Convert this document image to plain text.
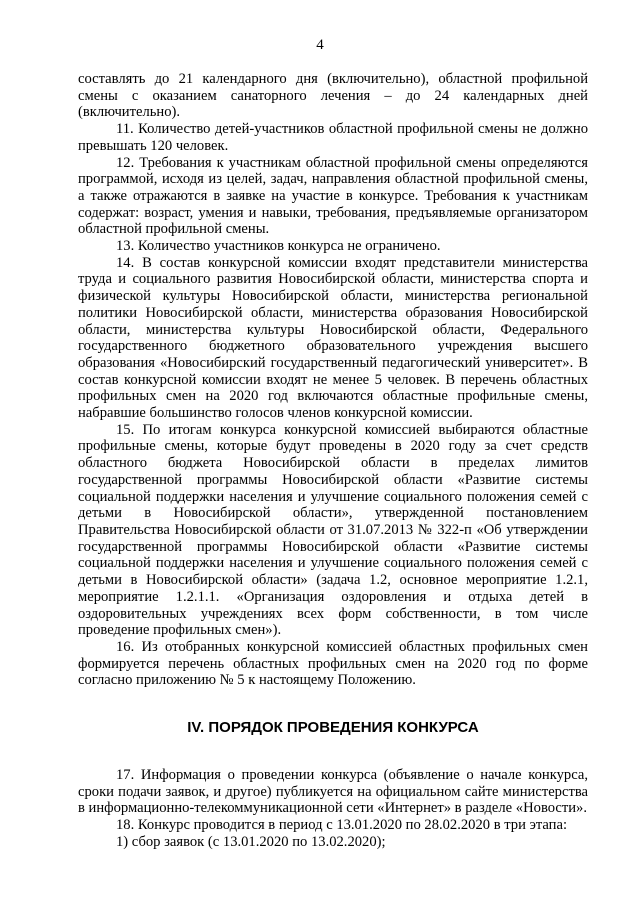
4

составлять до 21 календарного дня (включительно), областной профильной смены с оказанием санаторного лечения – до 24 календарных дней (включительно).

11. Количество детей-участников областной профильной смены не должно превышать 120 человек.

12. Требования к участникам областной профильной смены определяются программой, исходя из целей, задач, направления областной профильной смены, а также отражаются в заявке на участие в конкурсе. Требования к участникам содержат: возраст, умения и навыки, требования, предъявляемые организатором областной профильной смены.

13. Количество участников конкурса не ограничено.

14. В состав конкурсной комиссии входят представители министерства труда и социального развития Новосибирской области, министерства спорта и физической культуры Новосибирской области, министерства региональной политики Новосибирской области, министерства образования Новосибирской области, министерства культуры Новосибирской области, Федерального государственного бюджетного образовательного учреждения высшего образования «Новосибирский государственный педагогический университет». В состав конкурсной комиссии входят не менее 5 человек. В перечень областных профильных смен на 2020 год включаются областные профильные смены, набравшие большинство голосов членов конкурсной комиссии.

15. По итогам конкурса конкурсной комиссией выбираются областные профильные смены, которые будут проведены в 2020 году за счет средств областного бюджета Новосибирской области в пределах лимитов государственной программы Новосибирской области «Развитие системы социальной поддержки населения и улучшение социального положения семей с детьми в Новосибирской области», утвержденной постановлением Правительства Новосибирской области от 31.07.2013 № 322-п «Об утверждении государственной программы Новосибирской области «Развитие системы социальной поддержки населения и улучшение социального положения семей с детьми в Новосибирской области» (задача 1.2, основное мероприятие 1.2.1, мероприятие 1.2.1.1. «Организация оздоровления и отдыха детей в оздоровительных учреждениях всех форм собственности, в том числе проведение профильных смен»).

16. Из отобранных конкурсной комиссией областных профильных смен формируется перечень областных профильных смен на 2020 год по форме согласно приложению № 5 к настоящему Положению.

IV. ПОРЯДОК ПРОВЕДЕНИЯ КОНКУРСА

17. Информация о проведении конкурса (объявление о начале конкурса, сроки подачи заявок, и другое) публикуется на официальном сайте министерства в информационно-телекоммуникационной сети «Интернет» в разделе «Новости».

18. Конкурс проводится в период с 13.01.2020 по 28.02.2020 в три этапа:

1) сбор заявок (с 13.01.2020 по 13.02.2020);
